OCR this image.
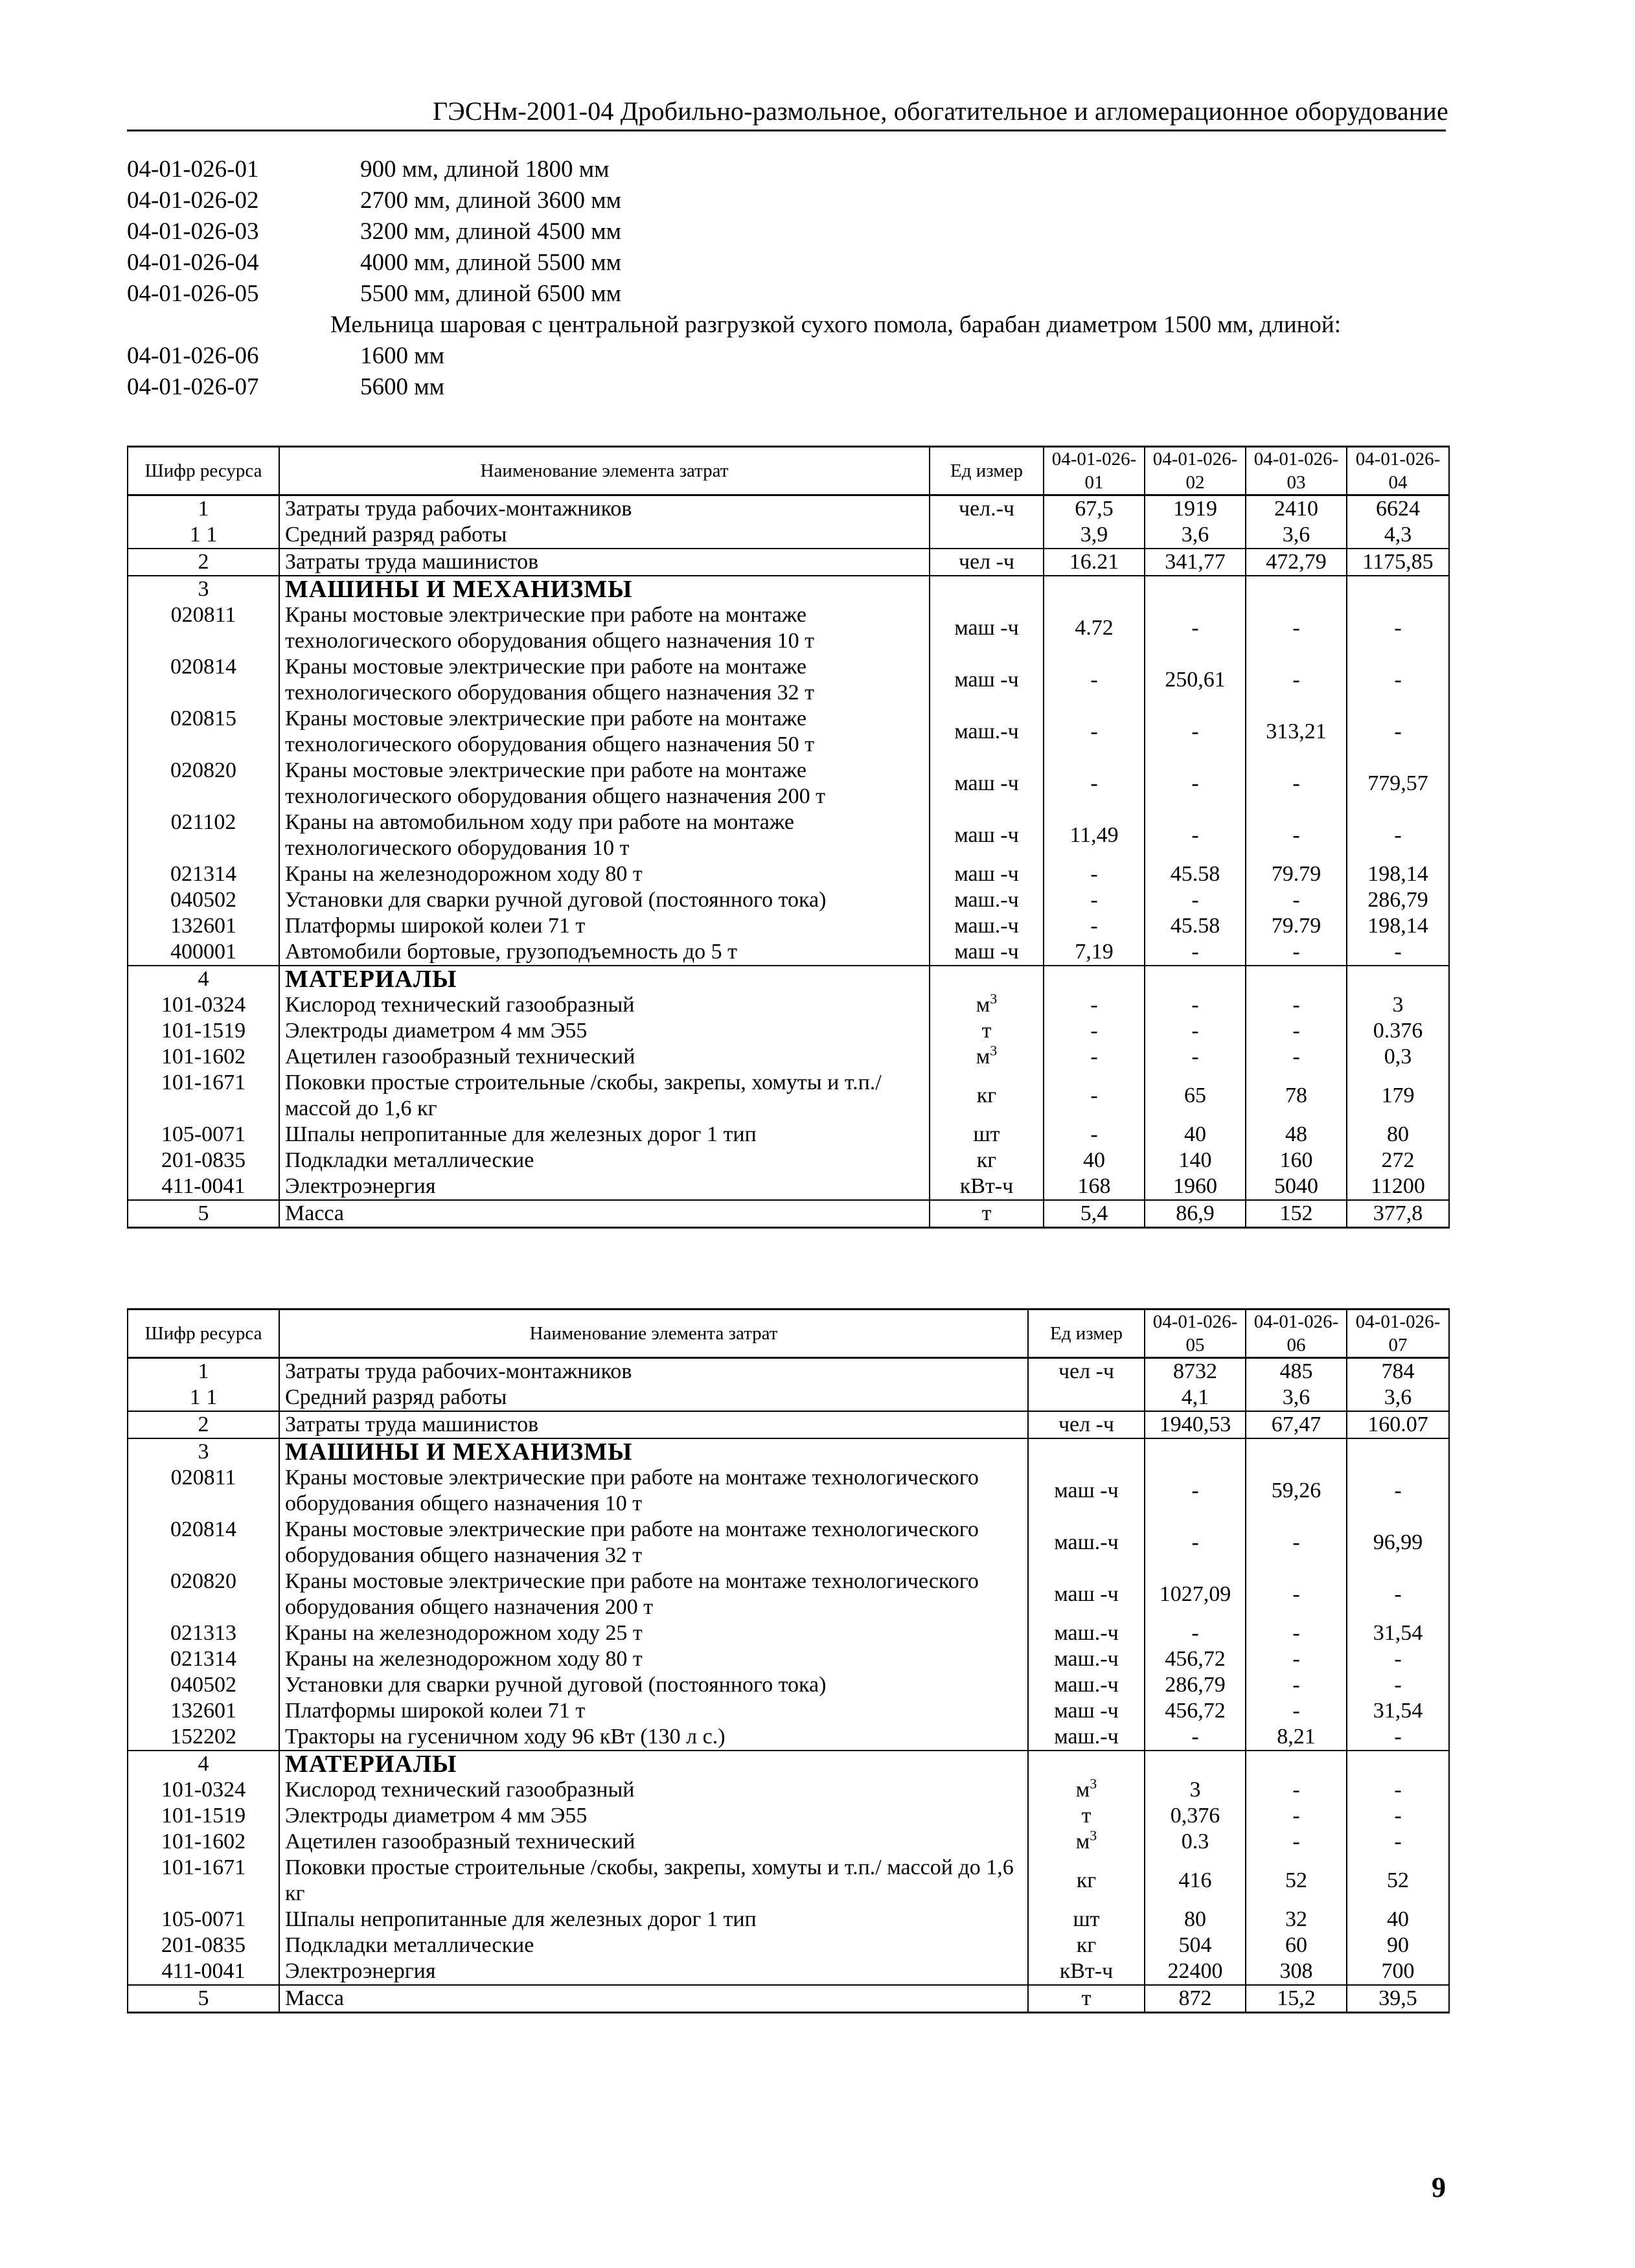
ГЭСНм-2001-04 Дробильно-размольное, обогатительное и агломерационное оборудование
04-01-026-01	900 мм, длиной 1800 мм
04-01-026-02	2700 мм, длиной 3600 мм
04-01-026-03	3200 мм, длиной 4500 мм
04-01-026-04	4000 мм, длиной 5500 мм
04-01-026-05	5500 мм, длиной 6500 мм
Мельница шаровая с центральной разгрузкой сухого помола, барабан диаметром 1500 мм, длиной:
04-01-026-06	1600 мм
04-01-026-07	5600 мм
Шифр ресурса	Наименование элемента затрат	Ед измер	04-01-026-01	04-01-026-02	04-01-026-03	04-01-026-04
1	Затраты труда рабочих-монтажников	чел.-ч	67,5	1919	2410	6624
1 1	Средний разряд работы		3,9	3,6	3,6	4,3
2	Затраты труда машинистов	чел -ч	16.21	341,77	472,79	1175,85
3	МАШИНЫ И МЕХАНИЗМЫ					
020811	Краны мостовые электрические при работе на монтаже технологического оборудования общего назначения 10 т	маш -ч	4.72	-	-	-
020814	Краны мостовые электрические при работе на монтаже технологического оборудования общего назначения 32 т	маш -ч	-	250,61	-	-
020815	Краны мостовые электрические при работе на монтаже технологического оборудования общего назначения 50 т	маш.-ч	-	-	313,21	-
020820	Краны мостовые электрические при работе на монтаже технологического оборудования общего назначения 200 т	маш -ч	-	-	-	779,57
021102	Краны на автомобильном ходу при работе на монтаже технологического оборудования 10 т	маш -ч	11,49	-	-	-
021314	Краны на железнодорожном ходу 80 т	маш -ч	-	45.58	79.79	198,14
040502	Установки для сварки ручной дуговой (постоянного тока)	маш.-ч	-	-	-	286,79
132601	Платформы широкой колеи 71 т	маш.-ч	-	45.58	79.79	198,14
400001	Автомобили бортовые, грузоподъемность до 5 т	маш -ч	7,19	-	-	-
4	МАТЕРИАЛЫ					
101-0324	Кислород технический газообразный	$м^3$	-	-	-	3
101-1519	Электроды диаметром 4 мм Э55	т	-	-	-	0.376
101-1602	Ацетилен газообразный технический	$м^3$	-	-	-	0,3
101-1671	Поковки простые строительные /скобы, закрепы, хомуты и т.п./ массой до 1,6 кг	кг	-	65	78	179
105-0071	Шпалы непропитанные для железных дорог 1 тип	шт	-	40	48	80
201-0835	Подкладки металлические	кг	40	140	160	272
411-0041	Электроэнергия	кВт-ч	168	1960	5040	11200
5	Масса	т	5,4	86,9	152	377,8
Шифр ресурса	Наименование элемента затрат	Ед измер	04-01-026-05	04-01-026-06	04-01-026-07
1	Затраты труда рабочих-монтажников	чел -ч	8732	485	784
1 1	Средний разряд работы		4,1	3,6	3,6
2	Затраты труда машинистов	чел -ч	1940,53	67,47	160.07
3	МАШИНЫ И МЕХАНИЗМЫ				
020811	Краны мостовые электрические при работе на монтаже технологического оборудования общего назначения 10 т	маш -ч	-	59,26	-
020814	Краны мостовые электрические при работе на монтаже технологического оборудования общего назначения 32 т	маш.-ч	-	-	96,99
020820	Краны мостовые электрические при работе на монтаже технологического оборудования общего назначения 200 т	маш -ч	1027,09	-	-
021313	Краны на железнодорожном ходу 25 т	маш.-ч	-	-	31,54
021314	Краны на железнодорожном ходу 80 т	маш.-ч	456,72	-	-
040502	Установки для сварки ручной дуговой (постоянного тока)	маш.-ч	286,79	-	-
132601	Платформы широкой колеи 71 т	маш -ч	456,72	-	31,54
152202	Тракторы на гусеничном ходу 96 кВт (130 л с.)	маш.-ч	-	8,21	-
4	МАТЕРИАЛЫ				
101-0324	Кислород технический газообразный	$м^3$	3	-	-
101-1519	Электроды диаметром 4 мм Э55	т	0,376	-	-
101-1602	Ацетилен газообразный технический	$м^3$	0.3	-	-
101-1671	Поковки простые строительные /скобы, закрепы, хомуты и т.п./ массой до 1,6 кг	кг	416	52	52
105-0071	Шпалы непропитанные для железных дорог 1 тип	шт	80	32	40
201-0835	Подкладки металлические	кг	504	60	90
411-0041	Электроэнергия	кВт-ч	22400	308	700
5	Масса	т	872	15,2	39,5
9
